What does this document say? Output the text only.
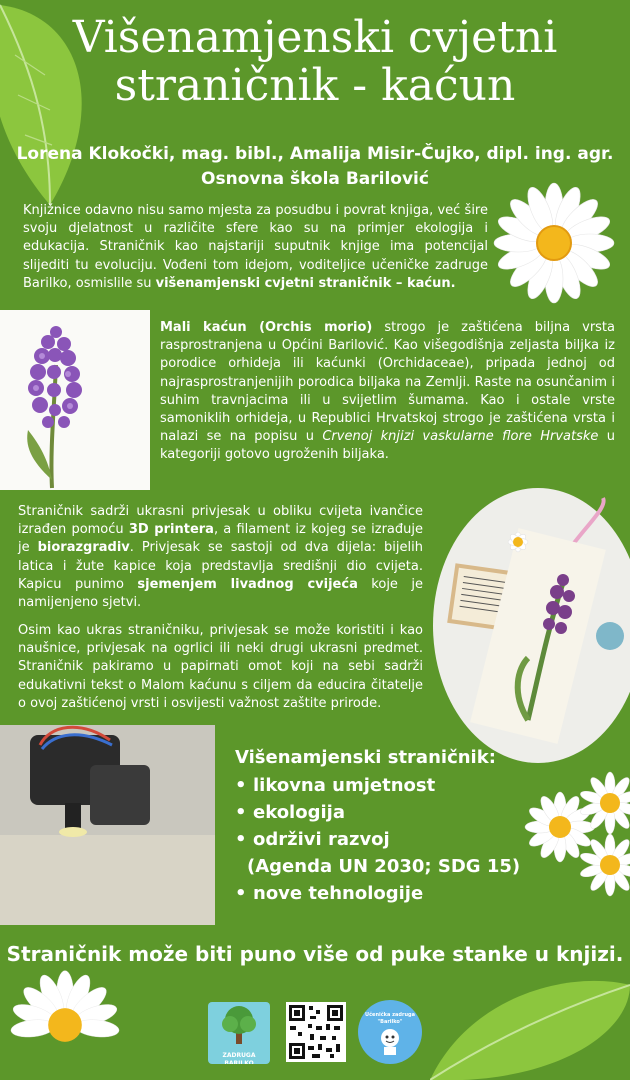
Višenamjenski cvjetni
straničnik - kaćun
Lorena Klokočki, mag. bibl., Amalija Misir-Čujko, dipl. ing. agr.
Osnovna škola Barilović
Knjižnice odavno nisu samo mjesta za posudbu i povrat knjiga, već šire svoju djelatnost u različite sfere kao su na primjer ekologija i edukacija. Straničnik kao najstariji suputnik knjige ima potencijal slijediti tu evoluciju. Vođeni tom idejom, voditeljice učeničke zadruge Barilko, osmislile su višenamjenski cvjetni straničnik – kaćun.
Mali kaćun (Orchis morio) strogo je zaštićena biljna vrsta rasprostranjena u Općini Barilović. Kao višegodišnja zeljasta biljka iz porodice orhideja ili kaćunki (Orchidaceae), pripada jednoj od najrasprostranjenijih porodica biljaka na Zemlji. Raste na osunčanim i suhim travnjacima ili u svijetlim šumama. Kao i ostale vrste samoniklih orhideja, u Republici Hrvatskoj strogo je zaštićena vrsta i nalazi se na popisu u Crvenoj knjizi vaskularne flore Hrvatske u kategoriji gotovo ugroženih biljaka.
Straničnik sadrži ukrasni privjesak u obliku cvijeta ivančice izrađen pomoću 3D printera, a filament iz kojeg se izrađuje je biorazgradiv. Privjesak se sastoji od dva dijela: bijelih latica i žute kapice koja predstavlja središnji dio cvijeta. Kapicu punimo sjemenjem livadnog cvijeća koje je namijenjeno sjetvi.
Osim kao ukras straničniku, privjesak se može koristiti i kao naušnice, privjesak na ogrlici ili neki drugi ukrasni predmet. Straničnik pakiramo u papirnati omot koji na sebi sadrži edukativni tekst o Malom kaćunu s ciljem da educira čitatelje o ovoj zaštićenoj vrsti i osvijesti važnost zaštite prirode.
Višenamjenski straničnik:
• likovna umjetnost
• ekologija
• održivi razvoj
(Agenda UN 2030; SDG 15)
• nove tehnologije
Straničnik može biti puno više od puke stanke u knjizi.
ZADRUGA BARILKO
Učenička zadruga "Barilko"
